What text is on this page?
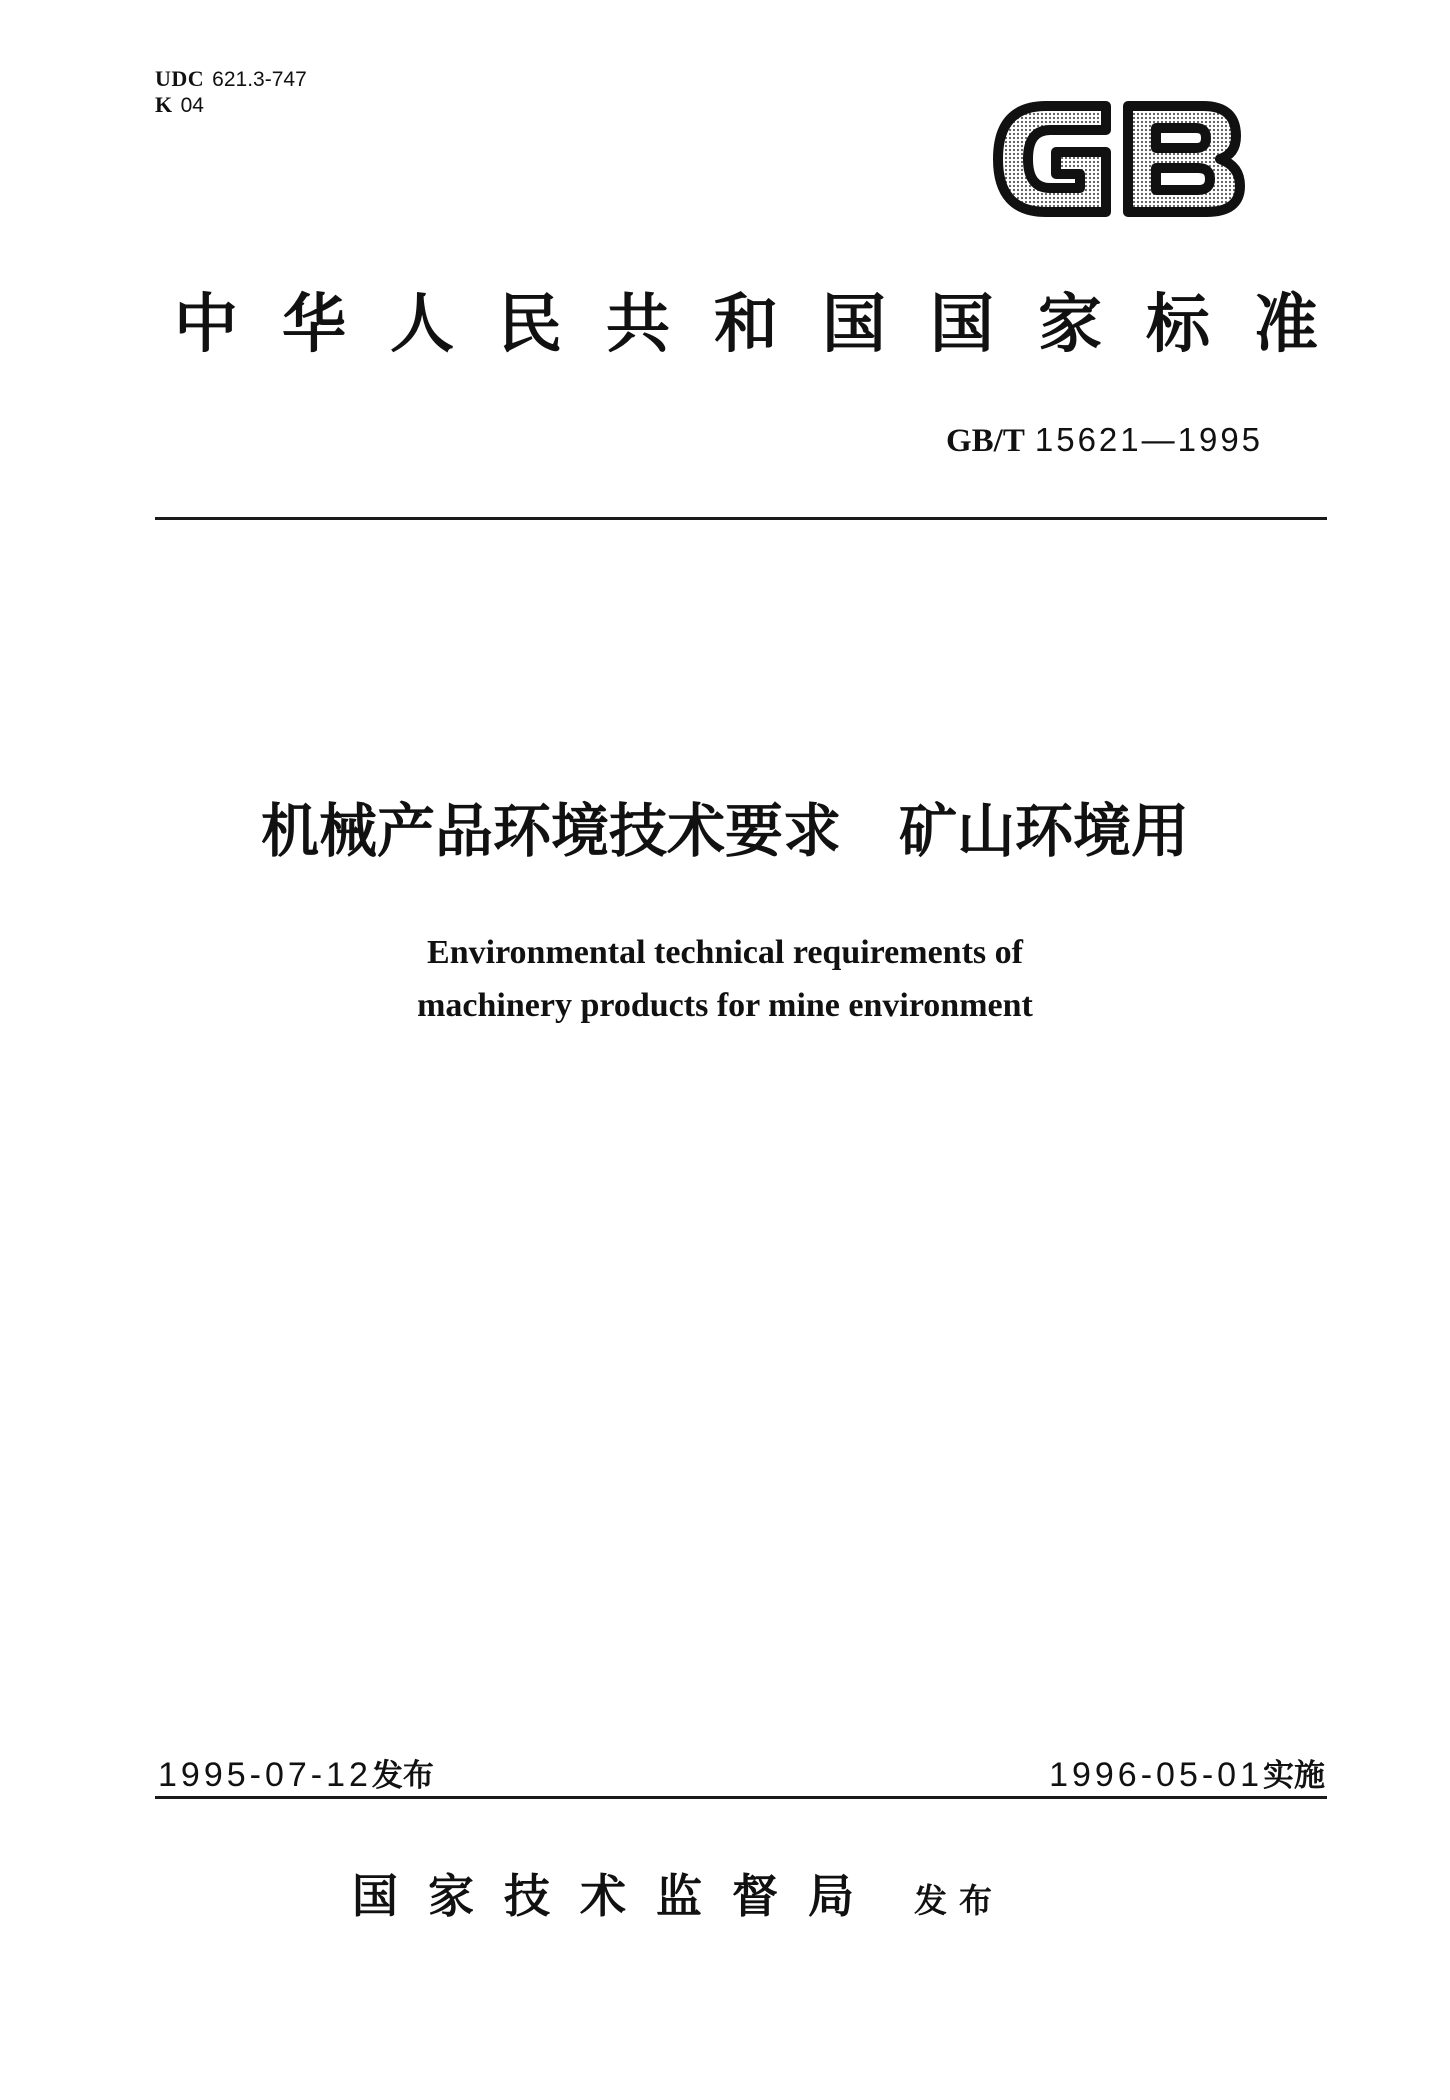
UDC 621.3-747
K 04
中 华 人 民 共 和 国 国 家 标 准
GB/T 15621—1995
机械产品环境技术要求　矿山环境用
Environmental technical requirements of
machinery products for mine environment
1995-07-12发布	1996-05-01实施
国家技术监督局 发布
